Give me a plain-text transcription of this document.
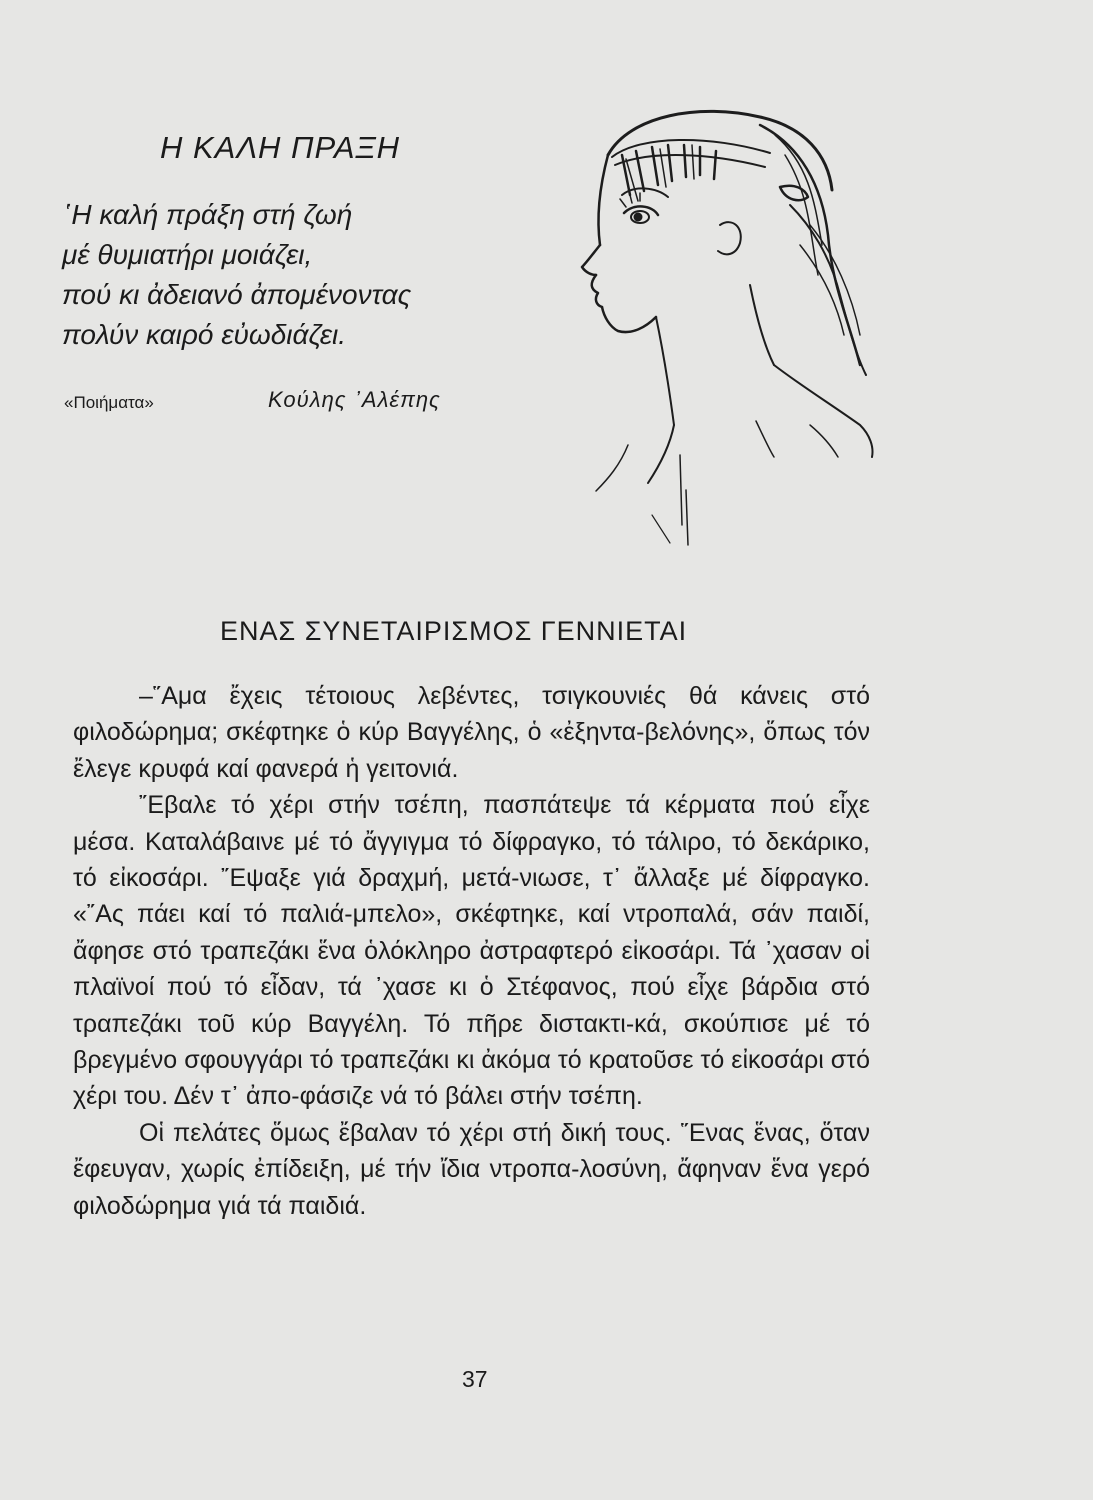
Η ΚΑΛΗ ΠΡΑΞΗ
῾Η καλή πράξη στή ζωή
μέ θυμιατήρι μοιάζει,
πού κι ἀδειανό ἀπομένοντας
πολύν καιρό εὐωδιάζει.
«Ποιήματα»	Κούλης ᾿Αλέπης
ΕΝΑΣ ΣΥΝΕΤΑΙΡΙΣΜΟΣ ΓΕΝΝΙΕΤΑΙ

–῞Αμα ἔχεις τέτοιους λεβέντες, τσιγκουνιές θά κάνεις στό φιλοδώρημα; σκέφτηκε ὁ κύρ Βαγγέλης, ὁ «ἐξηντα-βελόνης», ὅπως τόν ἔλεγε κρυφά καί φανερά ἡ γειτονιά.

῎Εβαλε τό χέρι στήν τσέπη, πασπάτεψε τά κέρματα πού εἶχε μέσα. Καταλάβαινε μέ τό ἄγγιγμα τό δίφραγκο, τό τάλιρο, τό δεκάρικο, τό εἰκοσάρι. ῎Εψαξε γιά δραχμή, μετά-νιωσε, τ᾿ ἄλλαξε μέ δίφραγκο. «῎Ας πάει καί τό παλιά-μπελο», σκέφτηκε, καί ντροπαλά, σάν παιδί, ἄφησε στό τραπεζάκι ἕνα ὁλόκληρο ἀστραφτερό εἰκοσάρι. Τά ᾿χασαν οἱ πλαϊνοί πού τό εἶδαν, τά ᾿χασε κι ὁ Στέφανος, πού εἶχε βάρδια στό τραπεζάκι τοῦ κύρ Βαγγέλη. Τό πῆρε διστακτι-κά, σκούπισε μέ τό βρεγμένο σφουγγάρι τό τραπεζάκι κι ἀκόμα τό κρατοῦσε τό εἰκοσάρι στό χέρι του. Δέν τ᾿ ἀπο-φάσιζε νά τό βάλει στήν τσέπη.

Οἱ πελάτες ὅμως ἔβαλαν τό χέρι στή δική τους. ῞Ενας ἕνας, ὅταν ἔφευγαν, χωρίς ἐπίδειξη, μέ τήν ἴδια ντροπα-λοσύνη, ἄφηναν ἕνα γερό φιλοδώρημα γιά τά παιδιά.

37
